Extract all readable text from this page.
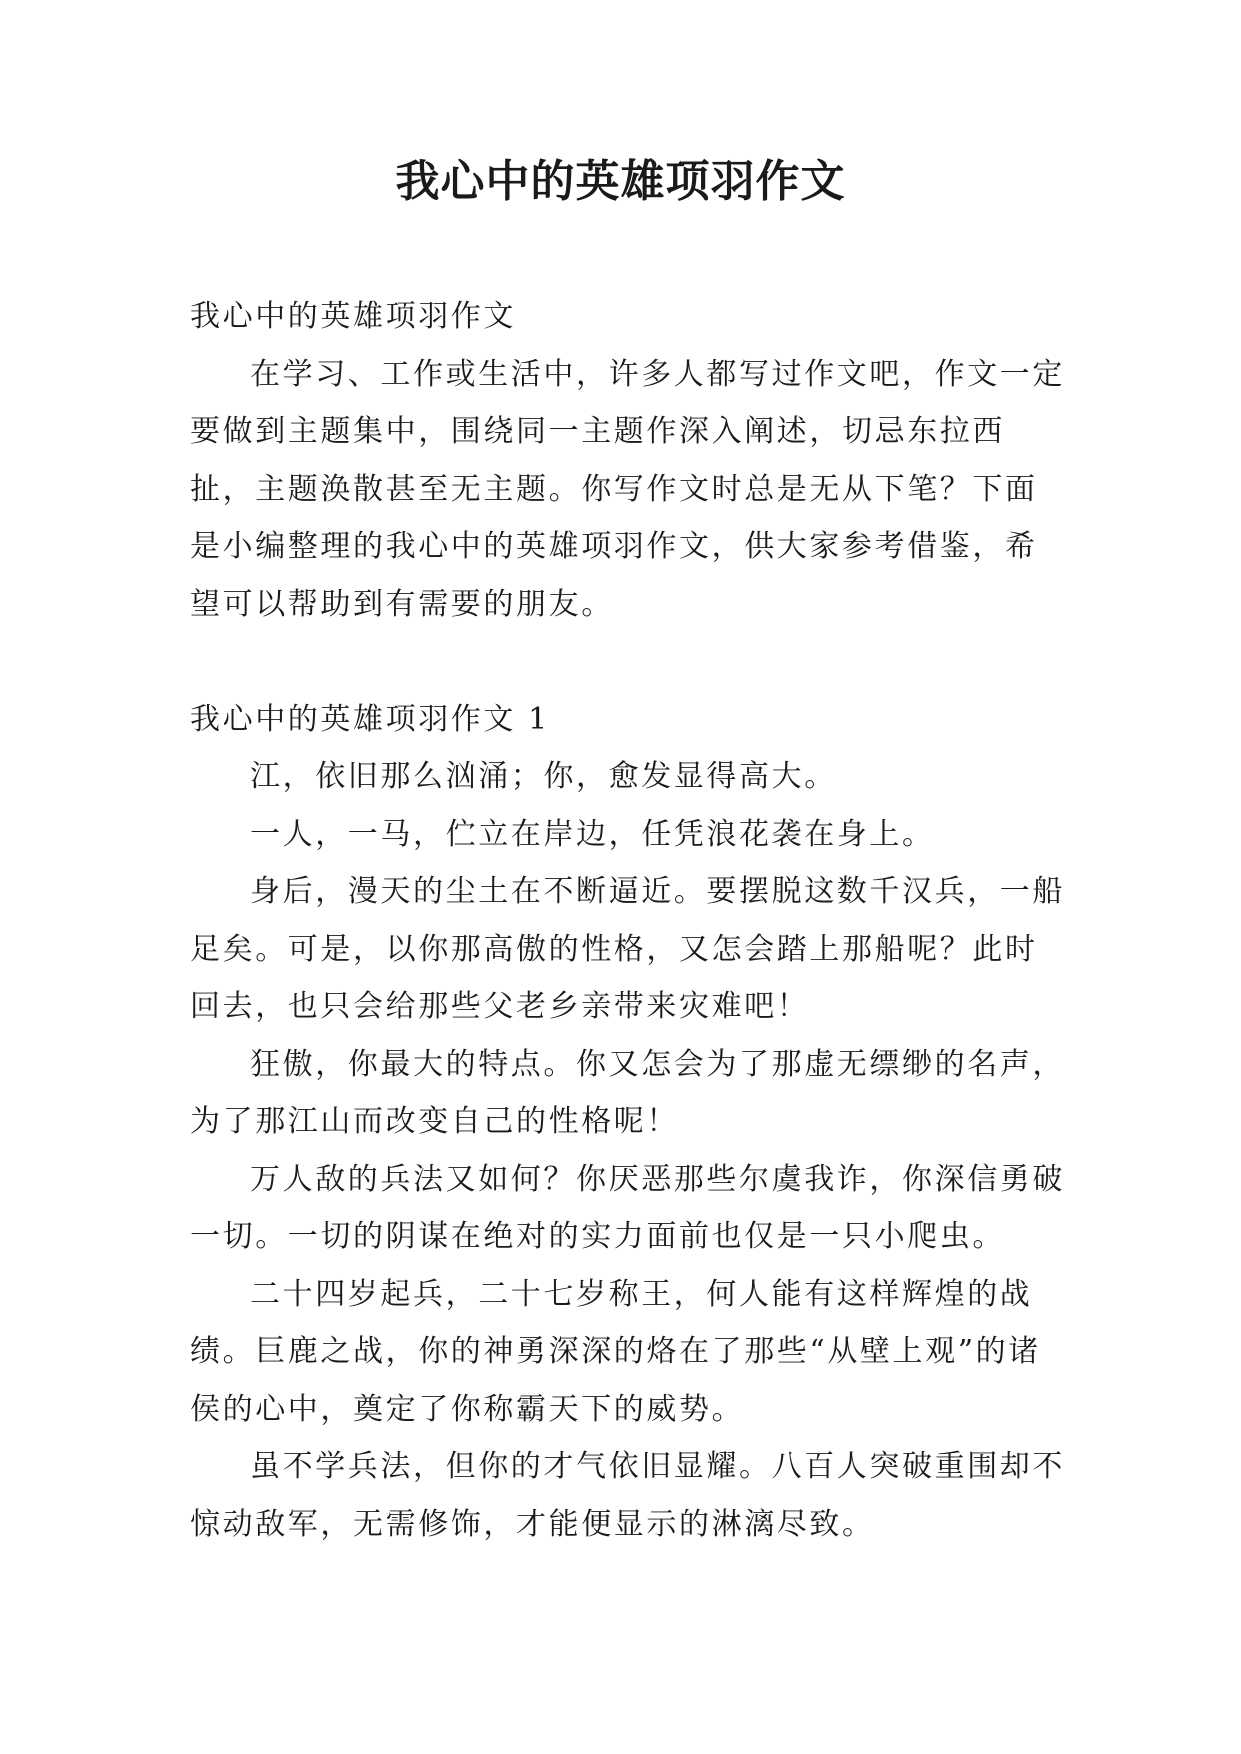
我心中的英雄项羽作文

我心中的英雄项羽作文

在学习、工作或生活中，许多人都写过作文吧，作文一定要做到主题集中，围绕同一主题作深入阐述，切忌东拉西扯，主题涣散甚至无主题。你写作文时总是无从下笔？下面是小编整理的我心中的英雄项羽作文，供大家参考借鉴，希望可以帮助到有需要的朋友。

我心中的英雄项羽作文 1

江，依旧那么汹涌；你，愈发显得高大。

一人，一马，伫立在岸边，任凭浪花袭在身上。

身后，漫天的尘土在不断逼近。要摆脱这数千汉兵，一船足矣。可是，以你那高傲的性格，又怎会踏上那船呢？此时回去，也只会给那些父老乡亲带来灾难吧！

狂傲，你最大的特点。你又怎会为了那虚无缥缈的名声，为了那江山而改变自己的性格呢！

万人敌的兵法又如何？你厌恶那些尔虞我诈，你深信勇破一切。一切的阴谋在绝对的实力面前也仅是一只小爬虫。

二十四岁起兵，二十七岁称王，何人能有这样辉煌的战绩。巨鹿之战，你的神勇深深的烙在了那些“从壁上观”的诸侯的心中，奠定了你称霸天下的威势。

虽不学兵法，但你的才气依旧显耀。八百人突破重围却不惊动敌军，无需修饰，才能便显示的淋漓尽致。
